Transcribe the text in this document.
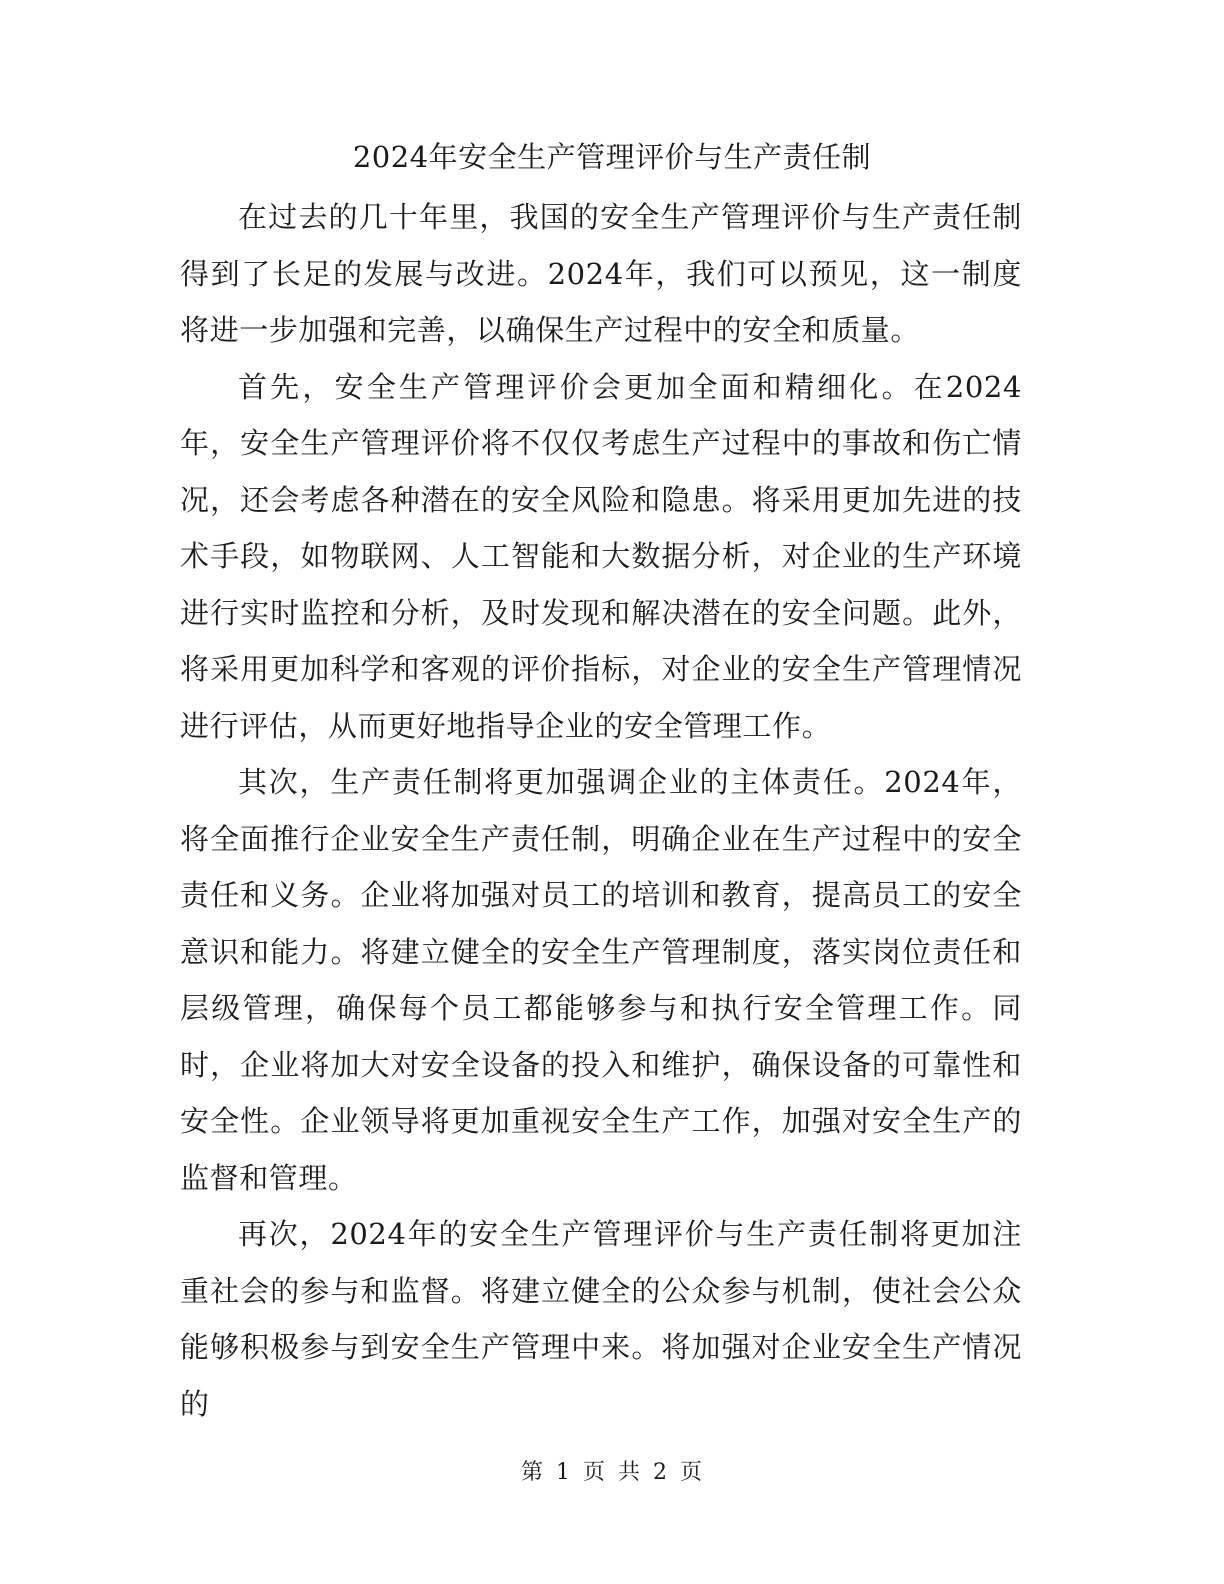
2024年安全生产管理评价与生产责任制

在过去的几十年里，我国的安全生产管理评价与生产责任制得到了长足的发展与改进。2024年，我们可以预见，这一制度将进一步加强和完善，以确保生产过程中的安全和质量。

首先，安全生产管理评价会更加全面和精细化。在2024年，安全生产管理评价将不仅仅考虑生产过程中的事故和伤亡情况，还会考虑各种潜在的安全风险和隐患。将采用更加先进的技术手段，如物联网、人工智能和大数据分析，对企业的生产环境进行实时监控和分析，及时发现和解决潜在的安全问题。此外，将采用更加科学和客观的评价指标，对企业的安全生产管理情况进行评估，从而更好地指导企业的安全管理工作。

其次，生产责任制将更加强调企业的主体责任。2024年，将全面推行企业安全生产责任制，明确企业在生产过程中的安全责任和义务。企业将加强对员工的培训和教育，提高员工的安全意识和能力。将建立健全的安全生产管理制度，落实岗位责任和层级管理，确保每个员工都能够参与和执行安全管理工作。同时，企业将加大对安全设备的投入和维护，确保设备的可靠性和安全性。企业领导将更加重视安全生产工作，加强对安全生产的监督和管理。

再次，2024年的安全生产管理评价与生产责任制将更加注重社会的参与和监督。将建立健全的公众参与机制，使社会公众能够积极参与到安全生产管理中来。将加强对企业安全生产情况的

第 1 页 共 2 页
